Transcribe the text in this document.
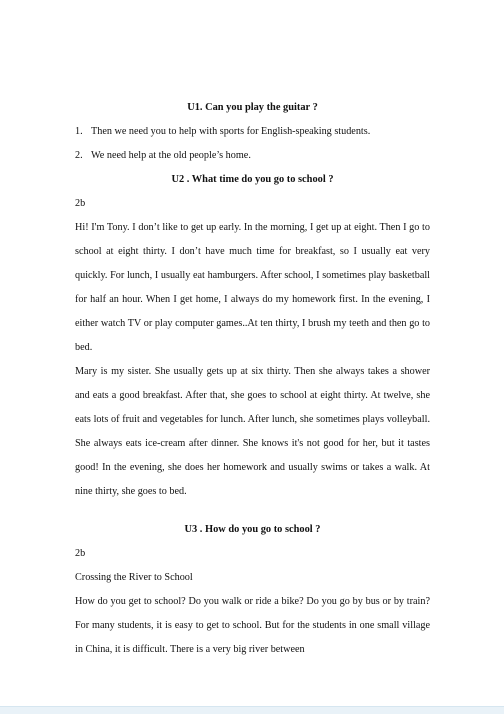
U1. Can you play the guitar ?
1. Then we need you to help with sports for English-speaking students.
2. We need help at the old people’s home.
U2 . What time do you go to school ?
2b
Hi! I'm Tony. I don’t like to get up early. In the morning, I get up at eight. Then I go to school at eight thirty. I don’t have much time for breakfast, so I usually eat very quickly. For lunch, I usually eat hamburgers. After school, I sometimes play basketball for half an hour. When I get home, I always do my homework first. In the evening, I either watch TV or play computer games..At ten thirty, I brush my teeth and then go to bed.
Mary is my sister. She usually gets up at six thirty. Then she always takes a shower and eats a good breakfast. After that, she goes to school at eight thirty. At twelve, she eats lots of fruit and vegetables for lunch. After lunch, she sometimes plays volleyball. She always eats ice-cream after dinner. She knows it's not good for her, but it tastes good! In the evening, she does her homework and usually swims or takes a walk. At nine thirty, she goes to bed.
U3 . How do you go to school ?
2b
Crossing the River to School
How do you get to school? Do you walk or ride a bike? Do you go by bus or by train? For many students, it is easy to get to school. But for the students in one small village in China, it is difficult. There is a very big river between
